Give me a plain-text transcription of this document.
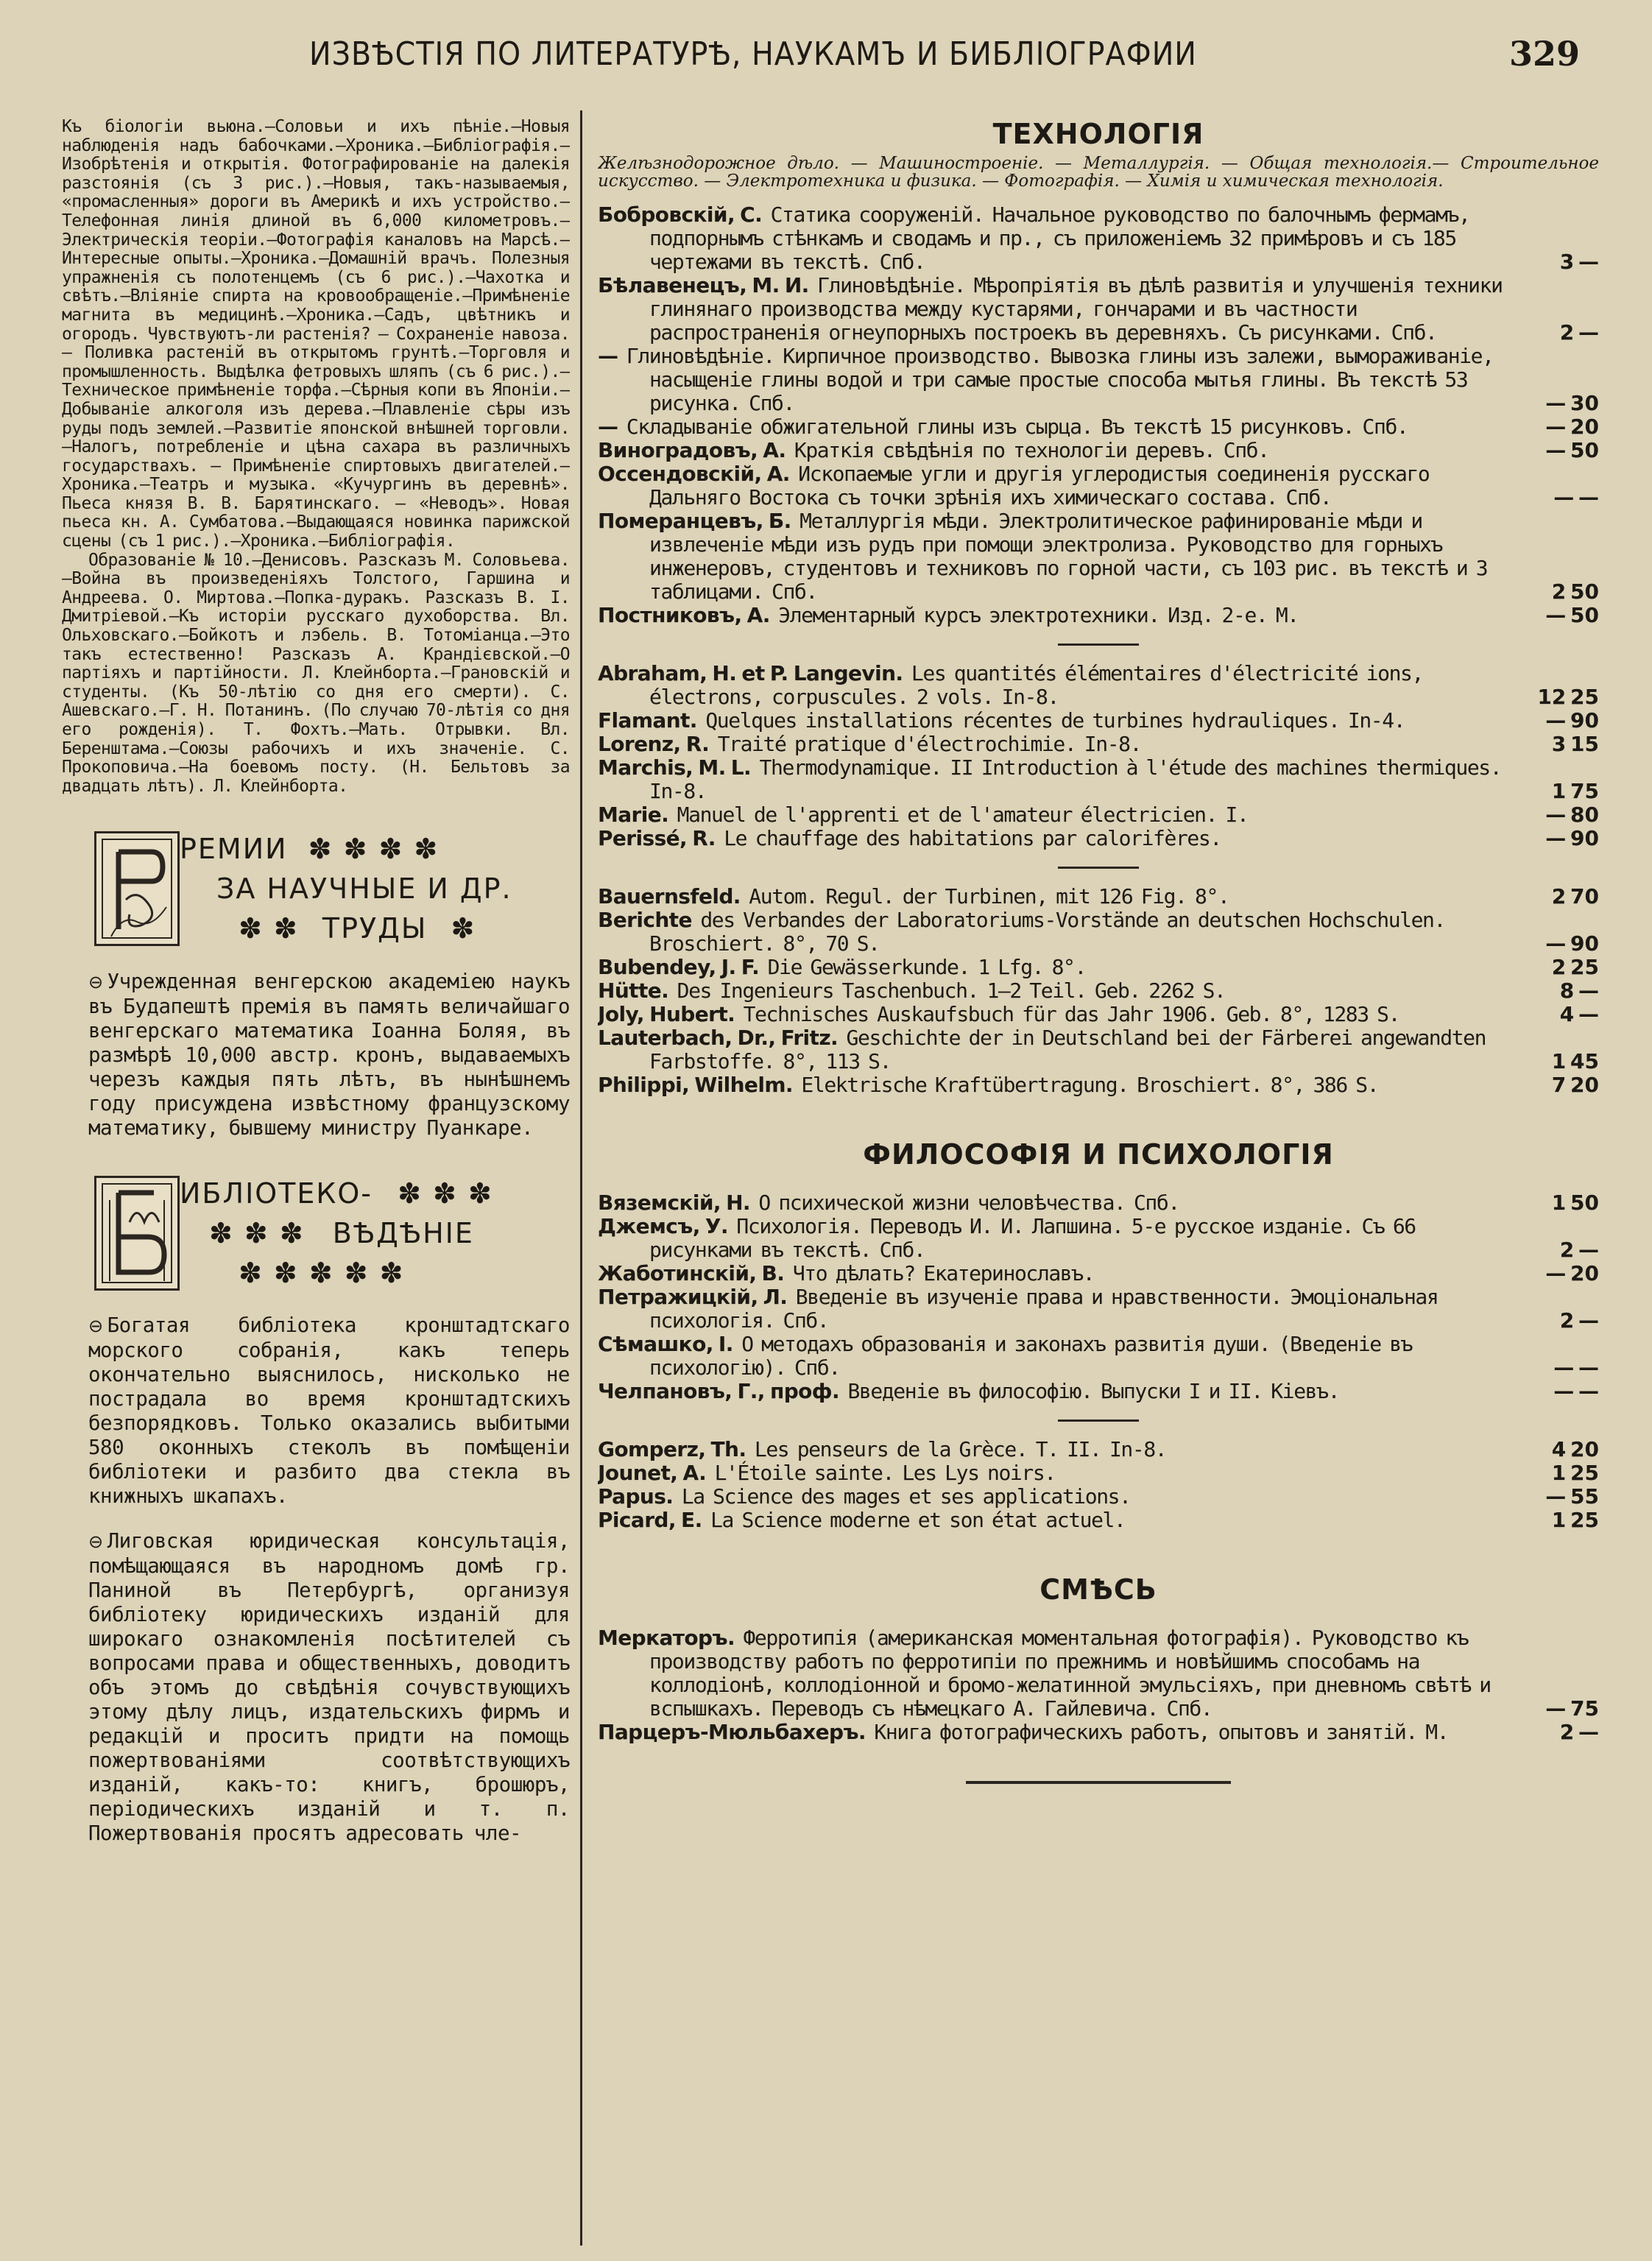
ИЗВѢСТІЯ ПО ЛИТЕРАТУРѢ, НАУКАМЪ И БИБЛІОГРАФИИ	329

Къ біологіи вьюна.—Соловьи и ихъ пѣніе.—Новыя наблюденія надъ бабочками.—Хроника.—Библіографія.—Изобрѣтенія и открытія. Фотографированіе на далекія разстоянія (съ 3 рис.).—Новыя, такъ-называемыя, «промасленныя» дороги въ Америкѣ и ихъ устройство.—Телефонная линія длиной въ 6,000 километровъ.—Электрическія теоріи.—Фотографія каналовъ на Марсѣ.—Интересные опыты.—Хроника.—Домашній врачъ. Полезныя упражненія съ полотенцемъ (съ 6 рис.).—Чахотка и свѣтъ.—Вліяніе спирта на кровообращеніе.—Примѣненіе магнита въ медицинѣ.—Хроника.—Садъ, цвѣтникъ и огородъ. Чувствуютъ-ли растенія? — Сохраненіе навоза. — Поливка растеній въ открытомъ грунтѣ.—Торговля и промышленность. Выдѣлка фетровыхъ шляпъ (съ 6 рис.).—Техническое примѣненіе торфа.—Сѣрныя копи въ Японіи.—Добываніе алкоголя изъ дерева.—Плавленіе сѣры изъ руды подъ землей.—Развитіе японской внѣшней торговли.—Налогъ, потребленіе и цѣна сахара въ различныхъ государствахъ. — Примѣненіе спиртовыхъ двигателей.—Хроника.—Театръ и музыка. «Кучургинъ въ деревнѣ». Пьеса князя В. В. Барятинскаго. — «Неводъ». Новая пьеса кн. А. Сумбатова.—Выдающаяся новинка парижской сцены (съ 1 рис.).—Хроника.—Библіографія.

Образованіе № 10.—Денисовъ. Разсказъ М. Соловьева.—Война въ произведеніяхъ Толстого, Гаршина и Андреева. О. Миртова.—Попка-дуракъ. Разсказъ В. І. Дмитріевой.—Къ исторіи русскаго духоборства. Вл. Ольховскаго.—Бойкотъ и лэбель. В. Тотоміанца.—Это такъ естественно! Разсказъ А. Крандієвской.—О партіяхъ и партійности. Л. Клейнборта.—Грановскій и студенты. (Къ 50-лѣтію со дня его смерти). С. Ашевскаго.—Г. Н. Потанинъ. (По случаю 70-лѣтія со дня его рожденія). Т. Фохтъ.—Мать. Отрывки. Вл. Беренштама.—Союзы рабочихъ и ихъ значеніе. С. Прокоповича.—На боевомъ посту. (Н. Бельтовъ за двадцать лѣтъ). Л. Клейнборта.

РЕМИИ ✽ ✽ ✽ ✽
ЗА НАУЧНЫЕ И ДР.
✽ ✽ ТРУДЫ ✽

⊖ Учрежденная венгерскою академіею наукъ въ Будапештѣ премія въ память величайшаго венгерскаго математика Іоанна Боляя, въ размѣрѣ 10,000 австр. кронъ, выдаваемыхъ черезъ каждыя пять лѣтъ, въ нынѣшнемъ году присуждена извѣстному французскому математику, бывшему министру Пуанкаре.

ИБЛІОТЕКО- ✽ ✽ ✽
✽ ✽ ✽ ВѢДѢНІЕ
✽ ✽ ✽ ✽ ✽

⊖ Богатая библіотека кронштадтскаго морского собранія, какъ теперь окончательно выяснилось, нисколько не пострадала во время кронштадтскихъ безпорядковъ. Только оказались выбитыми 580 оконныхъ стеколъ въ помѣщеніи библіотеки и разбито два стекла въ книжныхъ шкапахъ.

⊖ Лиговская юридическая консультація, помѣщающаяся въ народномъ домѣ гр. Паниной въ Петербургѣ, организуя библіотеку юридическихъ изданій для широкаго ознакомленія посѣтителей съ вопросами права и общественныхъ, доводитъ объ этомъ до свѣдѣнія сочувствующихъ этому дѣлу лицъ, издательскихъ фирмъ и редакцій и проситъ придти на помощь пожертвованіями соотвѣтствующихъ изданій, какъ-то: книгъ, брошюръ, періодическихъ изданій и т. п. Пожертвованія просятъ адресовать чле-

ТЕХНОЛОГІЯ
Желѣзнодорожное дѣло. — Машиностроеніе. — Металлургія. — Общая технологія.— Строительное искусство. — Электротехника и физика. — Фотографія. — Химія и химическая технологія.

Бобровскій, С. Статика сооруженій. Начальное руководство по балочнымъ фермамъ, подпорнымъ стѣнкамъ и сводамъ и пр., съ приложеніемъ 32 примѣровъ и съ 185 чертежами въ текстѣ. Спб.	3 —

Бѣлавенецъ, М. И. Глиновѣдѣніе. Мѣропріятія въ дѣлѣ развитія и улучшенія техники глинянаго производства между кустарями, гончарами и въ частности распространенія огнеупорныхъ построекъ въ деревняхъ. Съ рисунками. Спб.	2 —

— Глиновѣдѣніе. Кирпичное производство. Вывозка глины изъ залежи, вымораживаніе, насыщеніе глины водой и три самые простые способа мытья глины. Въ текстѣ 53 рисунка. Спб.	— 30

— Складываніе обжигательной глины изъ сырца. Въ текстѣ 15 рисунковъ. Спб.	— 20

Виноградовъ, А. Краткія свѣдѣнія по технологіи деревъ. Спб.	— 50

Оссендовскій, А. Ископаемые угли и другія углеродистыя соединенія русскаго Дальняго Востока съ точки зрѣнія ихъ химическаго состава. Спб.	— —

Померанцевъ, Б. Металлургія мѣди. Электролитическое рафинированіе мѣди и извлеченіе мѣди изъ рудъ при помощи электролиза. Руководство для горныхъ инженеровъ, студентовъ и техниковъ по горной части, съ 103 рис. въ текстѣ и 3 таблицами. Спб.	2 50

Постниковъ, А. Элементарный курсъ электротехники. Изд. 2-е. М.	— 50

Abraham, H. et P. Langevin. Les quantités élémentaires d'électricité ions, électrons, corpuscules. 2 vols. In-8.	12 25

Flamant. Quelques installations récentes de turbines hydrauliques. In-4.	— 90

Lorenz, R. Traité pratique d'électrochimie. In-8.	3 15

Marchis, M. L. Thermodynamique. II Introduction à l'étude des machines thermiques. In-8.	1 75

Marie. Manuel de l'apprenti et de l'amateur électricien. I.	— 80

Perissé, R. Le chauffage des habitations par calorifères.	— 90

Bauernsfeld. Autom. Regul. der Turbinen, mit 126 Fig. 8°.	2 70

Berichte des Verbandes der Laboratoriums-Vorstände an deutschen Hochschulen. Broschiert. 8°, 70 S.	— 90

Bubendey, J. F. Die Gewässerkunde. 1 Lfg. 8°.	2 25

Hütte. Des Ingenieurs Taschenbuch. 1—2 Teil. Geb. 2262 S.	8 —

Joly, Hubert. Technisches Auskaufsbuch für das Jahr 1906. Geb. 8°, 1283 S.	4 —

Lauterbach, Dr., Fritz. Geschichte der in Deutschland bei der Färberei angewandten Farbstoffe. 8°, 113 S.	1 45

Philippi, Wilhelm. Elektrische Kraftübertragung. Broschiert. 8°, 386 S.	7 20

ФИЛОСОФІЯ И ПСИХОЛОГІЯ

Вяземскій, Н. О психической жизни человѣчества. Спб.	1 50

Джемсъ, У. Психологія. Переводъ И. И. Лапшина. 5-е русское изданіе. Съ 66 рисунками въ текстѣ. Спб.	2 —

Жаботинскій, В. Что дѣлать? Екатеринославъ.	— 20

Петражицкій, Л. Введеніе въ изученіе права и нравственности. Эмоціональная психологія. Спб.	2 —

Сѣмашко, І. О методахъ образованія и законахъ развитія души. (Введеніе въ психологію). Спб.	— —

Челпановъ, Г., проф. Введеніе въ философію. Выпуски I и II. Кіевъ.	— —

Gomperz, Th. Les penseurs de la Grèce. T. II. In-8.	4 20

Jounet, A. L'Étoile sainte. Les Lys noirs.	1 25

Papus. La Science des mages et ses applications.	— 55

Picard, E. La Science moderne et son état actuel.	1 25

СМѢСЬ

Меркаторъ. Ферротипія (американская моментальная фотографія). Руководство къ производству работъ по ферротипіи по прежнимъ и новѣйшимъ способамъ на коллодіонѣ, коллодіонной и бромо-желатинной эмульсіяхъ, при дневномъ свѣтѣ и вспышкахъ. Переводъ съ нѣмецкаго А. Гайлевича. Спб.	— 75

Парцеръ-Мюльбахеръ. Книга фотографическихъ работъ, опытовъ и занятій. М.	2 —
